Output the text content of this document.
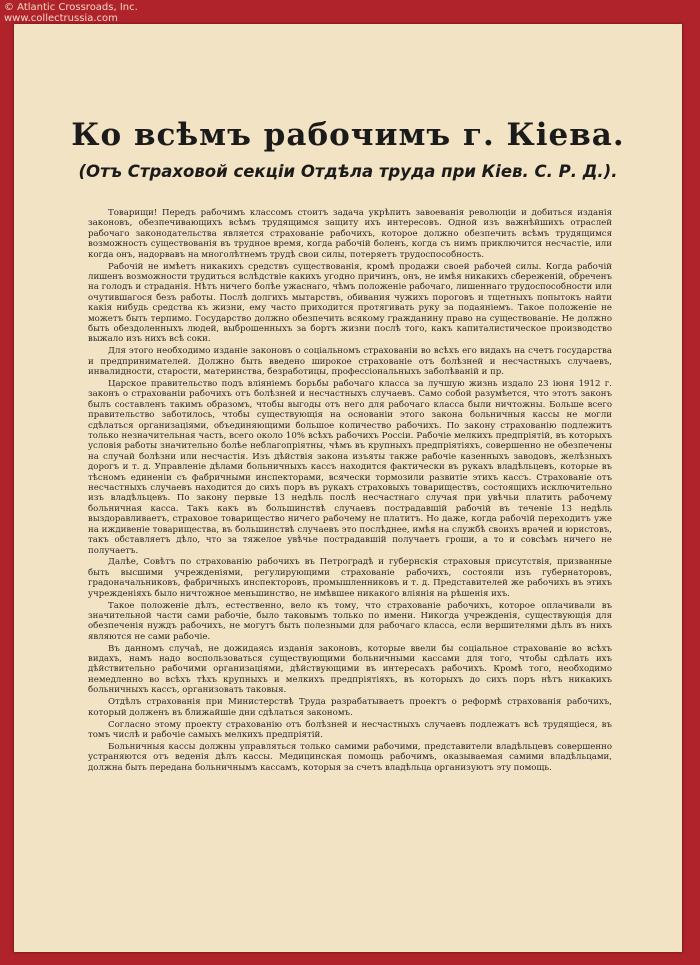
© Atlantic Crossroads, Inc.
www.collectrussia.com
Ко всѣмъ рабочимъ г. Кіева.
(Отъ Страховой секціи Отдѣла труда при Кіев. С. Р. Д.).

Товарищи! Передъ рабочимъ классомъ стоитъ задача укрѣпить завоеванія революціи и добиться изданія законовъ, обезпечивающихъ всѣмъ трудящимся защиту ихъ интересовъ. Одной изъ важнѣйшихъ отраслей рабочаго законодательства является страхованіе рабочихъ, которое должно обезпечить всѣмъ трудящимся возможность существованія въ трудное время, когда рабочій боленъ, когда съ нимъ приключится несчастіе, или когда онъ, надорвавъ на многолѣтнемъ трудѣ свои силы, потеряетъ трудоспособность.

Рабочій не имѣетъ никакихъ средствъ существованія, кромѣ продажи своей рабочей силы. Когда рабочій лишенъ возможности трудиться вслѣдствіе какихъ угодно причинъ, онъ, не имѣя никакихъ сбереженій, обреченъ на голодъ и страданія. Нѣтъ ничего болѣе ужаснаго, чѣмъ положеніе рабочаго, лишеннаго трудоспособности или очутившагося безъ работы. Послѣ долгихъ мытарствъ, обивания чужихъ пороговъ и тщетныхъ попытокъ найти какія нибудь средства къ жизни, ему часто приходится протягивать руку за подаяніемъ. Такое положеніе не можетъ быть терпимо. Государство должно обезпечить всякому гражданину право на существованіе. Не должно быть обездоленныхъ людей, выброшенныхъ за бортъ жизни послѣ того, какъ капиталистическое производство выжало изъ нихъ всѣ соки.

Для этого необходимо изданіе законовъ о соціальномъ страхованіи во всѣхъ его видахъ на счетъ государства и предпринимателей. Должно быть введено широкое страхованіе отъ болѣзней и несчастныхъ случаевъ, инвалидности, старости, материнства, безработицы, профессіональныхъ заболѣваній и пр.

Царское правительство подъ вліяніемъ борьбы рабочаго класса за лучшую жизнь издало 23 іюня 1912 г. законъ о страхованіи рабочихъ отъ болѣзней и несчастныхъ случаевъ. Само собой разумѣется, что этотъ законъ былъ составленъ такимъ образомъ, чтобы выгоды отъ него для рабочаго класса были ничтожны. Больше всего правительство заботилось, чтобы существующія на основаніи этого закона больничныя кассы не могли сдѣлаться организаціями, объединяющими большое количество рабочихъ. По закону страхованію подлежитъ только незначительная часть, всего около 10% всѣхъ рабочихъ Россіи. Рабочіе мелкихъ предпріятій, въ которыхъ условія работы значительно болѣе неблагопріятны, чѣмъ въ крупныхъ предпріятіяхъ, совершенно не обезпечены на случай болѣзни или несчастія. Изъ дѣйствія закона изъяты также рабочіе казенныхъ заводовъ, желѣзныхъ дорогъ и т. д. Управленіе дѣлами больничныхъ кассъ находится фактически въ рукахъ владѣльцевъ, которые въ тѣсномъ единеніи съ фабричными инспекторами, всячески тормозили развитіе этихъ кассъ. Страхованіе отъ несчастныхъ случаевъ находится до сихъ поръ въ рукахъ страховыхъ товариществъ, состоящихъ исключительно изъ владѣльцевъ. По закону первые 13 недѣль послѣ несчастнаго случая при увѣчьи платить рабочему больничная касса. Такъ какъ въ большинствѣ случаевъ пострадавшій рабочій въ теченіе 13 недѣль выздоравливаетъ, страховое товарищество ничего рабочему не платитъ. Но даже, когда рабочій переходитъ уже на иждивеніе товарищества, въ большинствѣ случаевъ это послѣднее, имѣя на службѣ своихъ врачей и юристовъ, такъ обставляетъ дѣло, что за тяжелое увѣчье пострадавшій получаетъ гроши, а то и совсѣмъ ничего не получаетъ.

Далѣе, Совѣтъ по страхованію рабочихъ въ Петроградѣ и губернскія страховыя присутствія, призванные быть высшими учрежденіями, регулирующими страхованіе рабочихъ, состояли изъ губернаторовъ, градоначальниковъ, фабричныхъ инспекторовъ, промышленниковъ и т. д. Представителей же рабочихъ въ этихъ учрежденіяхъ было ничтожное меньшинство, не имѣвшее никакого вліянія на рѣшенія ихъ.

Такое положеніе дѣлъ, естественно, вело къ тому, что страхованіе рабочихъ, которое оплачивали въ значительной части сами рабочіе, было таковымъ только по имени. Никогда учрежденія, существующія для обезпеченія нуждъ рабочихъ, не могутъ быть полезными для рабочаго класса, если вершителями дѣлъ въ нихъ являются не сами рабочіе.

Въ данномъ случаѣ, не дожидаясь изданія законовъ, которые ввели бы соціальное страхованіе во всѣхъ видахъ, намъ надо воспользоваться существующими больничными кассами для того, чтобы сдѣлать ихъ дѣйствительно рабочими организаціями, дѣйствующими въ интересахъ рабочихъ. Кромѣ того, необходимо немедленно во всѣхъ тѣхъ крупныхъ и мелкихъ предпріятіяхъ, въ которыхъ до сихъ поръ нѣтъ никакихъ больничныхъ кассъ, организовать таковыя.

Отдѣлъ страхованія при Министерствѣ Труда разрабатываетъ проектъ о реформѣ страхованія рабочихъ, который долженъ въ ближайшіе дни сдѣлаться закономъ.

Согласно этому проекту страхованію отъ болѣзней и несчастныхъ случаевъ подлежатъ всѣ трудящіеся, въ томъ числѣ и рабочіе самыхъ мелкихъ предпріятій.

Больничныя кассы должны управляться только самими рабочими, представители владѣльцевъ совершенно устраняются отъ веденія дѣлъ кассы. Медицинская помощь рабочимъ, оказываемая самими владѣльцами, должна быть передана больничнымъ кассамъ, которыя за счетъ владѣльца организуютъ эту помощь.
